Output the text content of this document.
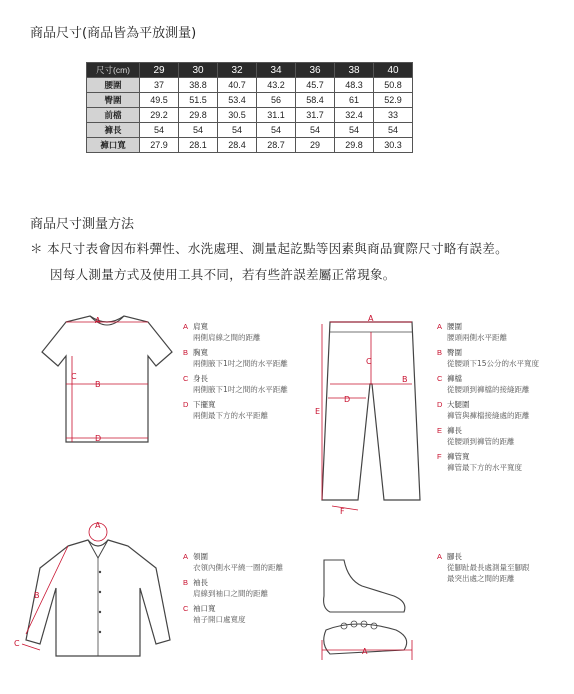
商品尺寸(商品皆為平放測量)
尺寸(cm)	29	30	32	34	36	38	40
腰圍	37	38.8	40.7	43.2	45.7	48.3	50.8
臀圍	49.5	51.5	53.4	56	58.4	61	52.9
前檔	29.2	29.8	30.5	31.1	31.7	32.4	33
褲長	54	54	54	54	54	54	54
褲口寬	27.9	28.1	28.4	28.7	29	29.8	30.3
商品尺寸測量方法
＊ 本尺寸表會因布料彈性、水洗處理、測量起訖點等因素與商品實際尺寸略有誤差。
因每人測量方式及使用工具不同，若有些許誤差屬正常現象。
A
B
C
D
A 肩寬
兩側肩線之間的距離
B 胸寬
兩側腋下1吋之間的水平距離
C 身長
兩側腋下1吋之間的水平距離
D 下擺寬
兩側最下方的水平距離
A
B
C
D
E
F
A 腰圍
腰頭兩側水平距離
B 臀圍
從腰頭下15公分的水平寬度
C 褲檔
從腰頭到褲檔的接縫距離
D 大腿圍
褲管與褲檔接縫處的距離
E 褲長
從腰頭到褲管的距離
F 褲管寬
褲管最下方的水平寬度
A
B
C
A 領圍
衣領內側水平繞一圈的距離
B 袖長
肩線到袖口之間的距離
C 袖口寬
袖子開口處寬度
A
A 腳長
從腳趾最長處測量至腳跟
最突出處之間的距離
